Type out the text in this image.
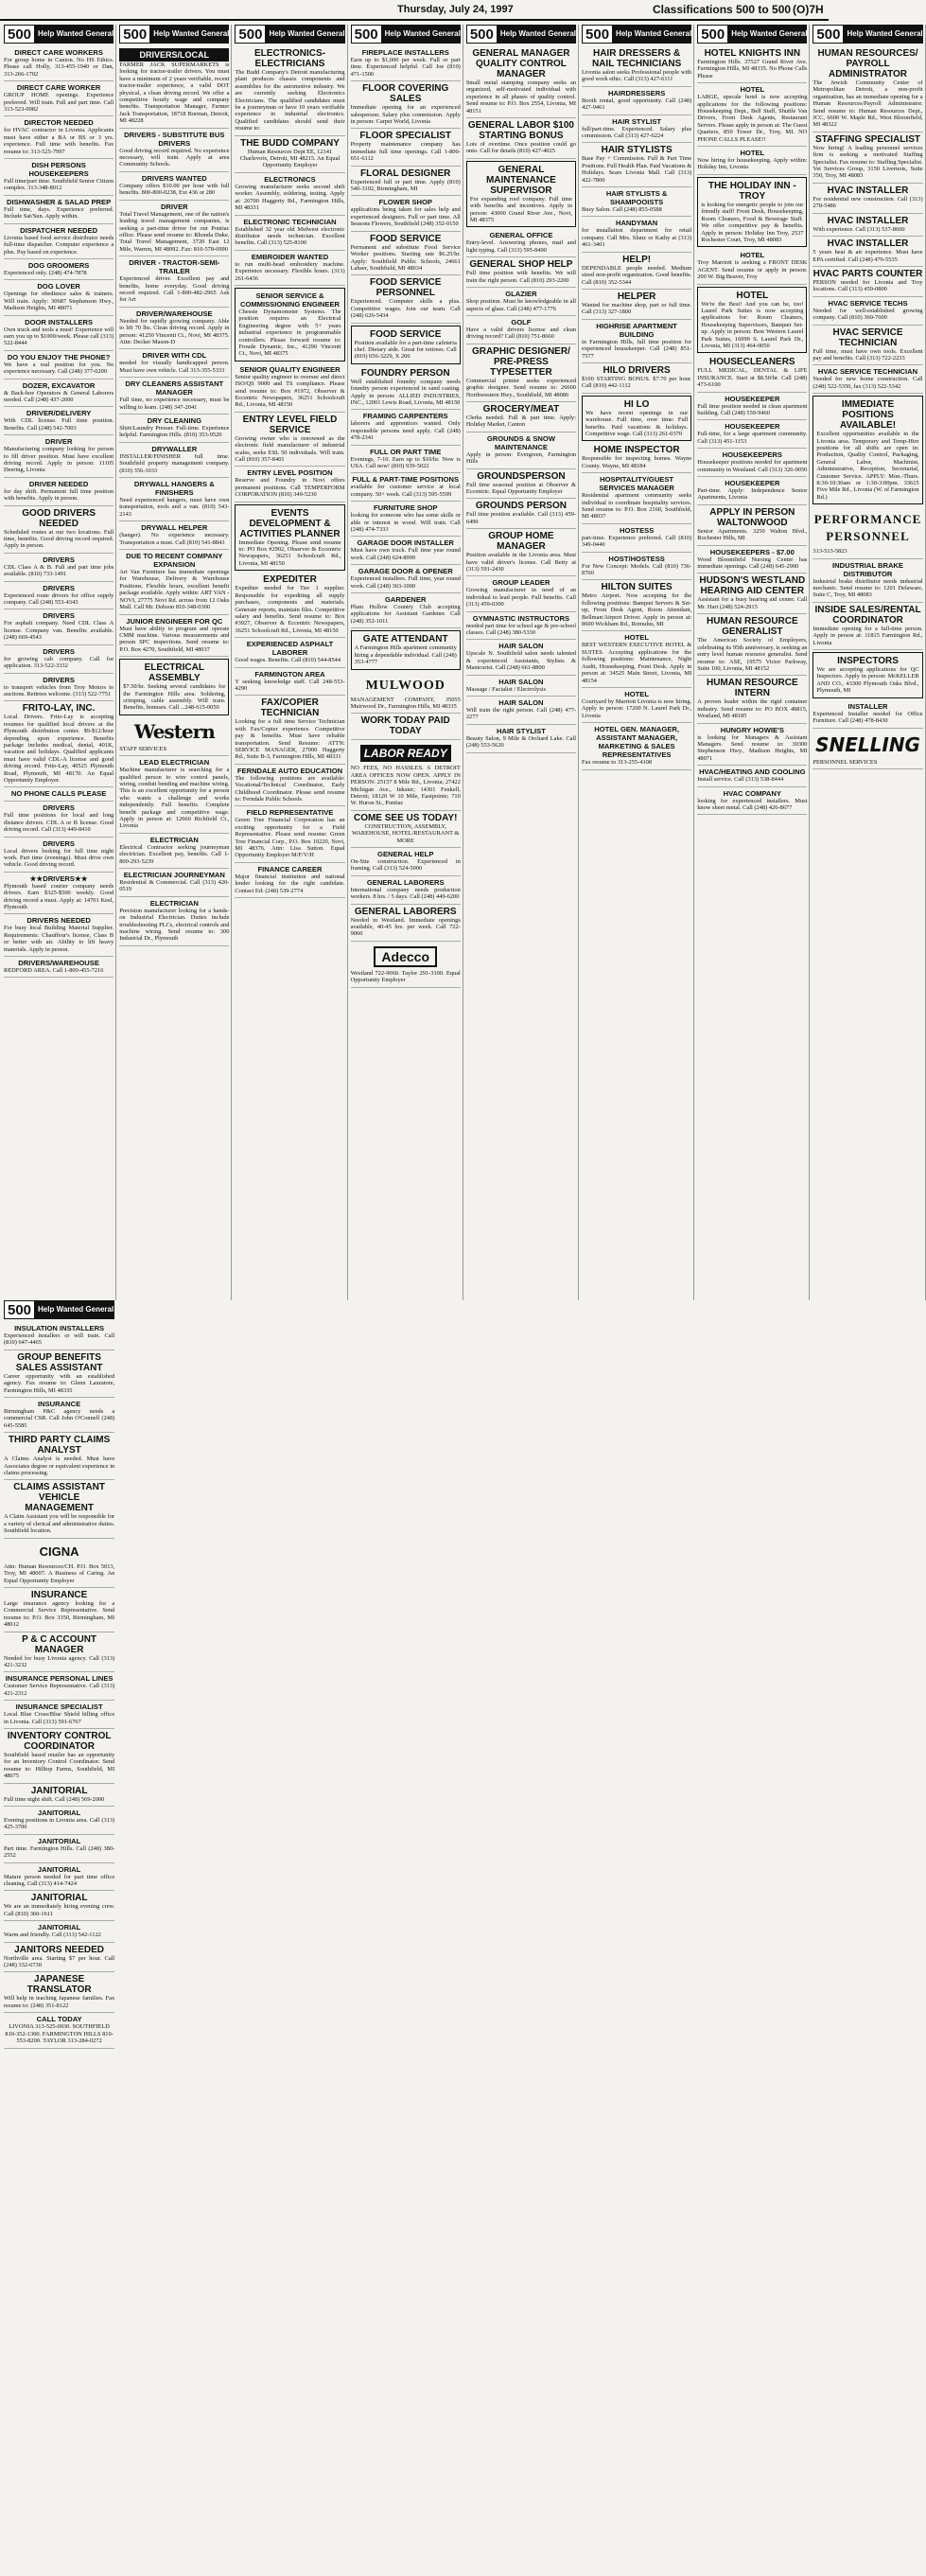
Thursday, July 24, 1997	Classifications 500 to 500 (O)7H
500 Help Wanted General
DIRECT CARE WORKERS
For group home in Canton. No HS Ethics. Please call Holly, 313-455-1940 or Dan, 313-266-1702
DIRECT CARE WORKER
GROUP HOME openings. Experience preferred. Will train. Full and part time. Call 313-523-0082
DIRECTOR NEEDED
for HVAC contractor in Livonia. Applicants must have either a BA or BS or 3 yrs. experience. Full time with benefits. Fax resume to: 313-525-7997
DISH PERSONS HOUSEKEEPERS
Full time/part time. Southfield Senior Citizen complex. 313-348-8012
DISHWASHER & SALAD PREP
Full time, days. Experience preferred. Include Sat/Sun. Apply within.
DISPATCHER NEEDED
Livonia based food service distributor needs full-time dispatcher. Computer experience a plus. Pay based on experience.
DOG GROOMERS
Experienced only. (248) 474-7878
DOG LOVER
Openings for obedience sales & trainers. Will train. Apply: 30687 Stephenson Hwy., Madison Heights, MI 48071
DOOR INSTALLERS
Own truck and tools a must! Experience will earn you up to $1000/week. Please call (313) 522-8444
DO YOU ENJOY THE PHONE?
We have a real position for you. No experience necessary. Call (248) 377-0200
DOZER, EXCAVATOR
& Back-hoe Operators & General Laborers needed. Call (248) 437-2600
DRIVER/DELIVERY
With CDL license. Full time position. Benefits. Call (248) 542-7003
DRIVER
Manufacturing company looking for person to fill driver position. Must have excellent driving record. Apply in person: 11105 Deering, Livonia
DRIVER NEEDED
for day shift. Permanent full time position with benefits. Apply in person.
GOOD DRIVERS NEEDED
Scheduled routes at our two locations. Full time, benefits. Good driving record required. Apply in person.
DRIVERS
CDL Class A & B. Full and part time jobs available. (810) 733-1491
DRIVERS
Experienced route drivers for office supply company. Call (248) 553-4343
DRIVERS
For asphalt company. Need CDL Class A license. Company van. Benefits available. (248) 669-4543
DRIVERS
for growing cab company. Call for application. 313-522-3332
DRIVERS
to transport vehicles from Troy Motors to auctions. Retirees welcome. (313) 522-7751
FRITO-LAY, INC.
Local Drivers. Frito-Lay is accepting resumes for qualified local drivers at the Plymouth distribution center. $9-$12/hour depending upon experience. Benefits package includes medical, dental, 401K, vacation and holidays. Qualified applicants must have valid CDL-A license and good driving record. Frito-Lay, 40525 Plymouth Road, Plymouth, MI 48170. An Equal Opportunity Employer.
NO PHONE CALLS PLEASE
DRIVERS
Full time positions for local and long distance drivers. CDL A or B license. Good driving record. Call (313) 449-8410
DRIVERS
Local drivers looking for full time night work. Part time (evenings). Must drive own vehicle. Good driving record.
★★DRIVERS★★
Plymouth based courier company needs drivers. Earn $325-$500 weekly. Good driving record a must. Apply at: 14701 Keel, Plymouth
DRIVERS NEEDED
For busy local Building Material Supplier. Requirements: Chauffeur's license, Class B or better with air. Ability to lift heavy materials. Apply in person.
DRIVERS/WAREHOUSE
REDFORD AREA. Call 1-800-455-7216
500 Help Wanted General
DRIVERS/LOCAL
FARMER JACK SUPERMARKETS is looking for tractor-trailer drivers. You must have a minimum of 2 years verifiable, recent tractor-trailer experience, a valid DOT physical, a clean driving record. We offer a competitive hourly wage and company benefits. Transportation Manager, Farmer Jack Transportation, 18718 Borman, Detroit, MI 48228
DRIVERS - SUBSTITUTE BUS DRIVERS
Good driving record required. No experience necessary, will train. Apply at area Community Schools.
DRIVERS WANTED
Company offers $10.00 per hour with full benefits. 800-800-0238, Ext 436 or 280
DRIVER
Total Travel Management, one of the nation's leading travel management companies, is seeking a part-time driver for our Pontiac office. Please send resume to: Rhonda Duke, Total Travel Management, 3720 East 12 Mile, Warren, MI 48092. Fax: 810-578-0990
DRIVER - TRACTOR-SEMI-TRAILER
Experienced driver. Excellent pay and benefits, home everyday. Good driving record required. Call 1-800-482-2965 Ask for Art
DRIVER/WAREHOUSE
Needed for rapidly growing company. Able to lift 70 lbs. Clean driving record. Apply in person: 41250 Vincenti Ct., Novi, MI 48375. Attn: Decker Mason-D
DRIVER WITH CDL
needed for visually handicapped person. Must have own vehicle. Call 313-355-5333
DRY CLEANERS ASSISTANT MANAGER
Full time, no experience necessary, must be willing to learn. (248) 347-2041
DRY CLEANING
Shirt/Laundry Presser. Full-time. Experience helpful. Farmington Hills. (810) 353-9520
DRYWALLER
INSTALLER/FINISHER full time. Southfield property management company. (810) 356-1033
DRYWALL HANGERS & FINISHERS
Need experienced hangers, must have own transportation, tools and a van. (810) 543-2143
DRYWALL HELPER
(hanger). No experience necessary. Transportation a must. Call (810) 541-8843
DUE TO RECENT COMPANY EXPANSION
Art Van Furniture has immediate openings for Warehouse, Delivery & Warehouse Positions. Flexible hours, excellent benefit package available. Apply within: ART VAN - NOVI, 27775 Novi Rd. across from 12 Oaks Mall. Call Mr. Dobson 810-348-0300
JUNIOR ENGINEER FOR QC
Must have ability to program and operate CMM machine. Various measurements and person SPC inspections. Send resume to: P.O. Box 4270, Southfield, MI 48037
ELECTRICAL ASSEMBLY
$7.50/hr. Seeking several candidates for the Farmington Hills area. Soldering, crimping, cable assembly. Will train. Benefits, bonuses. Call ...248-615-0050
Western
STAFF SERVICES
LEAD ELECTRICIAN
Machine manufacturer is searching for a qualified person to wire control panels, wiring, conduit bending and machine wiring. This is an excellent opportunity for a person who wants a challenge and works independently. Full benefits. Complete benefit package and competitive wage. Apply in person at: 12660 Richfield Ct., Livonia
ELECTRICIAN
Electrical Contractor seeking journeyman electrician. Excellent pay, benefits. Call 1-800-293-5239
ELECTRICIAN JOURNEYMAN
Residential & Commercial. Call (313) 420-0519
ELECTRICIAN
Precision manufacturer looking for a hands-on Industrial Electrician. Duties include troubleshooting PLCs, electrical controls and machine wiring. Send resume to: 300 Industrial Dr., Plymouth
500 Help Wanted General
ELECTRONICS-ELECTRICIANS
The Budd Company's Detroit manufacturing plant produces chassis components and assemblies for the automotive industry. We are currently seeking Electronics Electricians. The qualified candidates must be a journeyman or have 10 years verifiable experience in industrial electronics. Qualified candidates should send their resume to:
THE BUDD COMPANY
Human Resources Dept EE, 12141 Charlevoix, Detroit, MI 48215. An Equal Opportunity Employer
ELECTRONICS
Growing manufacturer seeks second shift worker. Assembly, soldering, testing. Apply at: 26700 Haggerty Rd., Farmington Hills, MI 48331
ELECTRONIC TECHNICIAN
Established 32 year old Midwest electronic distributor needs technician. Excellent benefits. Call (313) 525-8100
EMBROIDER WANTED
to run multi-head embroidery machine. Experience necessary. Flexible hours. (313) 261-6436
SENIOR SERVICE & COMMISSIONING ENGINEER
Chessie Dynamometer Systems. The position requires an Electrical Engineering degree with 5+ years industrial experience in programmable controllers. Please forward resume to: Froude Dynamic, Inc., 41290 Vincenti Ct., Novi, MI 48375
SENIOR QUALITY ENGINEER
Senior quality engineer to oversee and direct ISO/QS 9000 and TS compliance. Please send resume to: Box #1972, Observer & Eccentric Newspapers, 36251 Schoolcraft Rd., Livonia, MI 48150
ENTRY LEVEL FIELD SERVICE
Growing owner who is renowned as the electronic field manufacturer of industrial scales, seeks ESL 50 individuals. Will train. Call (810) 357-8401
ENTRY LEVEL POSITION
Reserve and Foundry in Novi offers permanent positions. Call TEMPERFORM CORPORATION (810) 349-5230
EVENTS DEVELOPMENT & ACTIVITIES PLANNER
Immediate Opening. Please send resume to: PO Box #2902, Observer & Eccentric Newspapers, 36251 Schoolcraft Rd., Livonia, MI 48150
EXPEDITER
Expediter needed for Tier 1 supplier. Responsible for expediting all supply purchases, components and materials. Generate reports, maintain files. Competitive salary and benefits. Send resume to: Box #3927, Observer & Eccentric Newspapers, 36251 Schoolcraft Rd., Livonia, MI 48150
EXPERIENCED ASPHALT LABORER
Good wages. Benefits. Call (810) 544-8544
FARMINGTON AREA
Y seeking knowledge staff. Call 248-553-4290
FAX/COPIER TECHNICIAN
Looking for a full time Service Technician with Fax/Copier experience. Competitive pay & benefits. Must have reliable transportation. Send Resume: ATTN: SERVICE MANAGER, 27000 Haggerty Rd., Suite B-3, Farmington Hills, MI 48331
FERNDALE AUTO EDUCATION
The following positions are available: Vocational/Technical Coordinator, Early Childhood Coordinator. Please send resume to: Ferndale Public Schools.
FIELD REPRESENTATIVE
Green Tree Financial Corporation has an exciting opportunity for a Field Representative. Please send resume: Green Tree Financial Corp., P.O. Box 10220, Novi, MI 48376. Attn: Lisa Sutton. Equal Opportunity Employer M/F/V/H
FINANCE CAREER
Major financial institution and national lender looking for the right candidate. Contact Ed: (248) 539-2774
500 Help Wanted General
FIREPLACE INSTALLERS
Earn up to $1,000 per week. Full or part time. Experienced helpful. Call Joe (810) 471-1500
FLOOR COVERING SALES
Immediate opening for an experienced salesperson. Salary plus commission. Apply in person: Carpet World, Livonia
FLOOR SPECIALIST
Property maintenance company has immediate full time openings. Call 1-800-651-6112
FLORAL DESIGNER
Experienced full or part time. Apply (810) 540-3102, Birmingham, MI
FLOWER SHOP
applications being taken for sales help and experienced designers. Full or part time. All Seasons Flowers, Southfield (248) 352-0150
FOOD SERVICE
Permanent and substitute Food Service Worker positions. Starting rate $6.25/hr. Apply: Southfield Public Schools, 24661 Lahser, Southfield, MI 48034
FOOD SERVICE PERSONNEL
Experienced. Computer skills a plus. Competitive wages. Join our team. Call (248) 626-5434
FOOD SERVICE
Position available for a part-time cafeteria chef. Dietary aide. Great for retirees. Call (810) 656-3229, X 206
FOUNDRY PERSON
Well established foundry company needs foundry person experienced in sand casting. Apply in person: ALLIED INDUSTRIES, INC., 12001 Lewis Road, Livonia, MI 48150
FRAMING CARPENTERS
laborers and apprentices wanted. Only responsible persons need apply. Call (248) 478-2341
FULL OR PART TIME
Evenings, 7-10. Earn up to $10/hr. Now is USA. Call now! (810) 939-5022
FULL & PART-TIME POSITIONS
available for customer service at local company. 50+ week. Call (313) 595-5599
FURNITURE SHOP
looking for someone who has some skills or able or interest in wood. Will train. Call (248) 474-7333
GARAGE DOOR INSTALLER
Must have own truck. Full time year round work. Call (248) 624-8999
GARAGE DOOR & OPENER
Experienced installers. Full time, year round work. Call (248) 363-1000
GARDENER
Plum Hollow Country Club accepting applications for Assistant Gardener. Call (248) 352-1011
GATE ATTENDANT
A Farmington Hills apartment community hiring a dependable individual. Call (248) 353-4777
MULWOOD
MANAGEMENT COMPANY, 35055 Muirwood Dr., Farmington Hills, MI 48335
WORK TODAY PAID TODAY
LABOR READY
NO FEES, NO HASSLES. 6 DETROIT AREA OFFICES NOW OPEN. APPLY IN PERSON: 25157 8 Mile Rd., Livonia; 27422 Michigan Ave., Inkster; 14301 Fenkell, Detroit; 18120 W 10 Mile, Eastpointe; 710 W. Huron St., Pontiac
COME SEE US TODAY!
CONSTRUCTION, ASSEMBLY, WAREHOUSE, HOTEL/RESTAURANT & MORE
GENERAL HELP
On-Site construction. Experienced in framing. Call (313) 524-5000
GENERAL LABORERS
International company needs production workers. 8 hrs. / 5 days. Call (248) 449-6200
GENERAL LABORERS
Needed in Westland. Immediate openings available, 40-45 hrs. per week. Call 722-9060
Adecco
Westland 722-9060. Taylor 291-3100. Equal Opportunity Employer
500 Help Wanted General
GENERAL MANAGER QUALITY CONTROL MANAGER
Small metal stamping company seeks an organized, self-motivated individual with experience in all phases of quality control. Send resume to: P.O. Box 2554, Livonia, MI 48151
GENERAL LABOR $100 STARTING BONUS
Lots of overtime. Once position could go onto. Call for details (810) 427-4025
GENERAL MAINTENANCE SUPERVISOR
For expanding roof company. Full time with benefits and incentives. Apply in person: 43000 Grand River Ave., Novi, MI 48375
GENERAL OFFICE
Entry-level. Answering phones, mail and light typing. Call (313) 595-8400
GENERAL SHOP HELP
Full time position with benefits. We will train the right person. Call (810) 293-2200
GLAZIER
Shop position. Must be knowledgeable in all aspects of glass. Call (248) 477-1776
GOLF
Have a valid drivers license and clean driving record? Call (810) 751-8660
GRAPHIC DESIGNER/ PRE-PRESS TYPESETTER
Commercial printer seeks experienced graphic designer. Send resume to: 26600 Northwestern Hwy., Southfield, MI 48086
GROCERY/MEAT
Clerks needed. Full & part time. Apply: Holiday Market, Canton
GROUNDS & SNOW MAINTENANCE
Apply in person: Evergreen, Farmington Hills
GROUNDSPERSON
Full time seasonal position at Observer & Eccentric. Equal Opportunity Employer
GROUNDS PERSON
Full time position available. Call (313) 459-6490
GROUP HOME MANAGER
Position available in the Livonia area. Must have valid driver's license. Call Betty at (313) 591-2430
GROUP LEADER
Growing manufacturer in need of an individual to lead people. Full benefits. Call (313) 459-0300
GYMNASTIC INSTRUCTORS
needed part time for school age & pre-school classes. Call (248) 380-5330
HAIR SALON
Upscale N. Southfield salon needs talented & experienced Assistants, Stylists & Manicurist. Call (248) 661-8800
HAIR SALON
Massage / Facialist / Electrolysis
HAIR SALON
Will train the right person. Call (248) 477-2277
HAIR STYLIST
Beauty Salon, 9 Mile & Orchard Lake. Call (248) 553-5620
500 Help Wanted General
HAIR DRESSERS & NAIL TECHNICIANS
Livonia salon seeks Professional people with good work ethic. Call (313) 427-6111
HAIRDRESSERS
Booth rental, good opportunity. Call (248) 427-9461
HAIR STYLIST
full/part-time. Experienced. Salary plus commission. Call (313) 427-6224
HAIR STYLISTS
Base Pay + Commission. Full & Part Time Positions. Full Health Plan. Paid Vacations & Holidays. Sears Livonia Mall. Call (313) 422-7800
HAIR STYLISTS & SHAMPOOISTS
Busy Salon. Call (248) 855-0588
HANDYMAN
for installation department for retail company. Call Mrs. Slanz or Kathy at (313) 461-3401
HELP!
DEPENDABLE people needed. Medium sized non-profit organization. Good benefits. Call (810) 352-5344
HELPER
Wanted for machine shop, part or full time. Call (313) 327-1800
HIGHRISE APARTMENT BUILDING
in Farmington Hills, full time position for experienced housekeeper. Call (248) 851-7577
HILO DRIVERS
$100 STARTING BONUS. $7.70 per hour. Call (810) 442-1112
HI LO
We have recent openings in our warehouse. Full time, over time: Full benefits. Paid vacations & holidays. Competitive wage. Call (313) 261-0370
HOME INSPECTOR
Responsible for inspecting homes. Wayne County. Wayne, MI 48184
HOSPITALITY/GUEST SERVICES MANAGER
Residential apartment community seeks individual to coordinate hospitality services. Send resume to: P.O. Box 2160, Southfield, MI 48037
HOSTESS
part-time. Experience preferred. Call (810) 349-0440
HOST/HOSTESS
For New Concept: Models. Call (810) 736-8700
HILTON SUITES
Metro Airport. Now accepting for the following positions: Banquet Servers & Set-up, Front Desk Agent, Room Attendant, Bellman/Airport Driver. Apply in person at: 8600 Wickham Rd., Romulus, MI
HOTEL
BEST WESTERN EXECUTIVE HOTEL & SUITES. Accepting applications for the following positions: Maintenance, Night Audit, Housekeeping, Front Desk. Apply in person at: 34525 Main Street, Livonia, MI 48154
HOTEL
Courtyard by Marriott Livonia is now hiring. Apply in person: 17200 N. Laurel Park Dr., Livonia
HOTEL GEN. MANAGER, ASSISTANT MANAGER, MARKETING & SALES REPRESENTATIVES
Fax resume to 313-255-4108
500 Help Wanted General
HOTEL KNIGHTS INN
Farmington Hills. 37527 Grand River Ave. Farmington Hills, MI 48335. No Phone Calls Please
HOTEL
LARGE, upscale hotel is now accepting applications for the following positions: Housekeeping Dept., Bell Staff, Shuttle Van Drivers, Front Desk Agents, Restaurant Servers. Please apply in person at: The Guest Quarters, 850 Tower Dr., Troy, MI. NO PHONE CALLS PLEASE!!
HOTEL
Now hiring for housekeeping. Apply within: Holiday Inn, Livonia
THE HOLIDAY INN - TROY
is looking for energetic people to join our friendly staff! Front Desk, Housekeeping, Room Cleaners, Food & Beverage Staff. We offer competitive pay & benefits. Apply in person: Holiday Inn Troy, 2537 Rochester Court, Troy, MI 48083
HOTEL
Troy Marriott is seeking a FRONT DESK AGENT. Send resume or apply in person: 200 W. Big Beaver, Troy
HOTEL
We're the Best! And you can be, too! Laurel Park Suites is now accepting applications for: Room Cleaners, Housekeeping Supervisors, Banquet Set-up. Apply in person: Best Western Laurel Park Suites, 16999 S. Laurel Park Dr., Livonia, MI (313) 464-0050
HOUSECLEANERS
FULL MEDICAL, DENTAL & LIFE INSURANCE. Start at $8.50/hr. Call (248) 473-6100
HOUSEKEEPER
Full time position needed in clean apartment building. Call (248) 559-9460
HOUSEKEEPER
Full-time, for a large apartment community. Call (313) 451-1153
HOUSEKEEPERS
Housekeeper positions needed for apartment community in Westland. Call (313) 326-9050
HOUSEKEEPER
Part-time. Apply: Independence Senior Apartments, Livonia
APPLY IN PERSON WALTONWOOD
Senior Apartments. 3250 Walton Blvd., Rochester Hills, MI
HOUSEKEEPERS - $7.00
Wood Bloomfield Nursing Center has immediate openings. Call (248) 645-2900
HUDSON'S WESTLAND HEARING AID CENTER
Assistant for a busy hearing aid center. Call Mr. Hart (248) 524-2915
HUMAN RESOURCE GENERALIST
The American Society of Employers, celebrating its 95th anniversary, is seeking an entry level human resource generalist. Send resume to: ASE, 19575 Victor Parkway, Suite 100, Livonia, MI 48152
HUMAN RESOURCE INTERN
A proven leader within the rigid container industry. Send resume to: PO BOX 48815, Westland, MI 48185
HUNGRY HOWIE'S
is looking for Managers & Assistant Managers. Send resume to: 30300 Stephenson Hwy., Madison Heights, MI 48071
HVAC/HEATING AND COOLING
Install service. Call (313) 538-8444
HVAC COMPANY
looking for experienced installers. Must know sheet metal. Call (248) 426-8677
500 Help Wanted General
HUMAN RESOURCES/ PAYROLL ADMINISTRATOR
The Jewish Community Center of Metropolitan Detroit, a non-profit organization, has an immediate opening for a Human Resources/Payroll Administrator. Send resume to: Human Resources Dept., JCC, 6600 W. Maple Rd., West Bloomfield, MI 48322
STAFFING SPECIALIST
Now hiring! A leading personnel services firm is seeking a motivated Staffing Specialist. Fax resume to: Staffing Specialist. Vet Services Group, 3150 Livernois, Suite 350, Troy, MI 48083
HVAC INSTALLER
For residential new construction. Call (313) 278-5486
HVAC INSTALLER
With experience. Call (313) 537-8600
HVAC INSTALLER
5 years heat & air experience. Must have EPA certified. Call (248) 476-5535
HVAC PARTS COUNTER
PERSON needed for Livonia and Troy locations. Call (313) 459-0800
HVAC SERVICE TECHS
Needed for well-established growing company. Call (810) 360-7600
HVAC SERVICE TECHNICIAN
Full time, must have own tools. Excellent pay and benefits. Call (313) 722-2233
HVAC SERVICE TECHNICIAN
Needed for new home construction. Call (248) 522-5350, fax (313) 522-5342
IMMEDIATE POSITIONS AVAILABLE!
Excellent opportunities available in the Livonia area. Temporary and Temp-Hire positions for all shifts are open in: Production, Quality Control, Packaging, General Labor, Machinist, Administrative, Reception, Secretarial, Customer Service. APPLY: Mon.-Thurs. 8:30-10:30am or 1:30-3:00pm. 33615 Five Mile Rd., Livonia (W. of Farmington Rd.)
PERFORMANCE PERSONNEL
313-513-5823
INDUSTRIAL BRAKE DISTRIBUTOR
Industrial brake distributor needs industrial mechanic. Send resume to: 1201 Delaware, Suite C, Troy, MI 48083
INSIDE SALES/RENTAL COORDINATOR
Immediate opening for a full-time person. Apply in person at: 11815 Farmington Rd., Livonia
INSPECTORS
We are accepting applications for QC Inspectors. Apply in person: McKELLER AND CO., 43300 Plymouth Oaks Blvd., Plymouth, MI
INSTALLER
Experienced Installer needed for Office Furniture. Call (248) 478-8430
SNELLING
PERSONNEL SERVICES
500 Help Wanted General
INSULATION INSTALLERS
Experienced installers or will train. Call (810) 647-4465
GROUP BENEFITS SALES ASSISTANT
Career opportunity with an established agency. Fax resume to: Glenn Lauratore, Farmington Hills, MI 48335
INSURANCE
Birmingham P&C agency needs a commercial CSR. Call John O'Connell (248) 645-5585
THIRD PARTY CLAIMS ANALYST
A Claims Analyst is needed. Must have Associates degree or equivalent experience in claims processing.
CLAIMS ASSISTANT VEHICLE MANAGEMENT
A Claim Assistant you will be responsible for a variety of clerical and administrative duties. Southfield location.
CIGNA
Attn: Human Resources/CH. P.O. Box 5013, Troy, MI 48007. A Business of Caring. An Equal Opportunity Employer
INSURANCE
Large insurance agency looking for a Commercial Service Representative. Send resume to: P.O. Box 3350, Birmingham, MI 48012
P & C ACCOUNT MANAGER
Needed for busy Livonia agency. Call (313) 421-3232
INSURANCE PERSONAL LINES
Customer Service Representative. Call (313) 421-2312
INSURANCE SPECIALIST
Local Blue Cross/Blue Shield billing office in Livonia. Call (313) 591-6767
INVENTORY CONTROL COORDINATOR
Southfield based retailer has an opportunity for an Inventory Control Coordinator. Send resume to: Hilltop Farms, Southfield, MI 48075
JANITORIAL
Full time night shift. Call (248) 569-2000
JANITORIAL
Evening positions in Livonia area. Call (313) 425-3700
JANITORIAL
Part time. Farmington Hills. Call (248) 380-2552
JANITORIAL
Mature person needed for part time office cleaning. Call (313) 414-7424
JANITORIAL
We are an immediately hiring evening crew. Call (810) 360-1611
JANITORIAL
Warm and friendly. Call (313) 542-1122
JANITORS NEEDED
Northville area. Starting $7 per hour. Call (248) 332-6730
JAPANESE TRANSLATOR
Will help in teaching Japanese families. Fax resume to: (248) 351-8122
CALL TODAY
LIVONIA 313-525-0030. SOUTHFIELD 810-352-1300. FARMINGTON HILLS 810-553-8200. TAYLOR 313-284-0272
